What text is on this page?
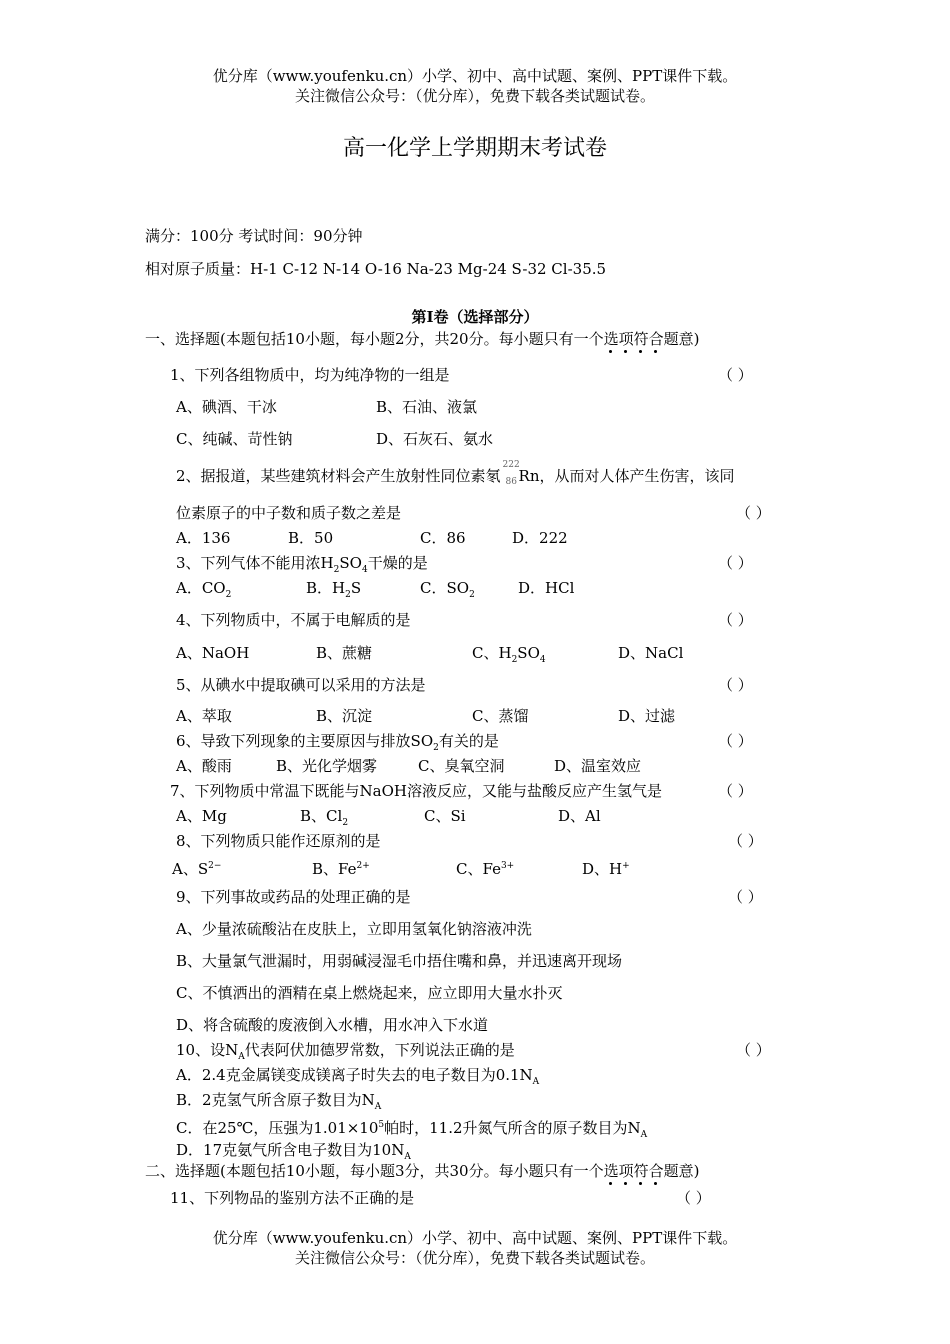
优分库（www.youfenku.cn）小学、初中、高中试题、案例、PPT课件下载。
关注微信公众号：（优分库），免费下载各类试题试卷。
高一化学上学期期末考试卷
满分：100分 考试时间：90分钟
相对原子质量：H-1 C-12 N-14 O-16 Na-23 Mg-24 S-32 Cl-35.5
第Ⅰ卷（选择部分）
一、选择题(本题包括10小题，每小题2分，共20分。每小题只有一个选项符合题意)
1、下列各组物质中，均为纯净物的一组是	（ ）
A、碘酒、干冰	B、石油、液氯
C、纯碱、苛性钠	D、石灰石、氨水
2、据报道，某些建筑材料会产生放射性同位素氡
222
86 Rn，从而对人体产生伤害，该同
位素原子的中子数和质子数之差是	（ ）
A．136	B．50	C．86	D．222
3、下列气体不能用浓$H_2SO_4$干燥的是	（ ）
A．$CO_2$	B．$H_2S$	C．$SO_2$	D．HCl
4、下列物质中，不属于电解质的是	（ ）
A、NaOH	B、蔗糖	C、$H_2SO_4$	D、NaCl
5、从碘水中提取碘可以采用的方法是	（ ）
A、萃取	B、沉淀	C、蒸馏	D、过滤
6、导致下列现象的主要原因与排放$SO_2$有关的是	（ ）
A、酸雨	B、光化学烟雾	C、臭氧空洞	D、温室效应
7、下列物质中常温下既能与NaOH溶液反应，又能与盐酸反应产生氢气是	（ ）
A、Mg	B、$Cl_2$	C、Si	D、Al
8、下列物质只能作还原剂的是	（ ）
A、$S^{2-}$	B、$Fe^{2+}$	C、$Fe^{3+}$	D、H+
9、下列事故或药品的处理正确的是	（ ）
A、少量浓硫酸沾在皮肤上，立即用氢氧化钠溶液冲洗
B、大量氯气泄漏时，用弱碱浸湿毛巾捂住嘴和鼻，并迅速离开现场
C、不慎洒出的酒精在桌上燃烧起来，应立即用大量水扑灭
D、将含硫酸的废液倒入水槽，用水冲入下水道
10、设$N_A$代表阿伏加德罗常数，下列说法正确的是	（ ）
A．2.4克金属镁变成镁离子时失去的电子数目为$0.1N_A$
B．2克氢气所含原子数目为$N_A$
C．在25℃，压强为$1.01\times 10^5$帕时，11.2升氮气所含的原子数目为$N_A$
D．17克氨气所含电子数目为$10N_A$
二、选择题(本题包括10小题，每小题3分，共30分。每小题只有一个选项符合题意)
11、下列物品的鉴别方法不正确的是	（ ）
优分库（www.youfenku.cn）小学、初中、高中试题、案例、PPT课件下载。
关注微信公众号：（优分库），免费下载各类试题试卷。
